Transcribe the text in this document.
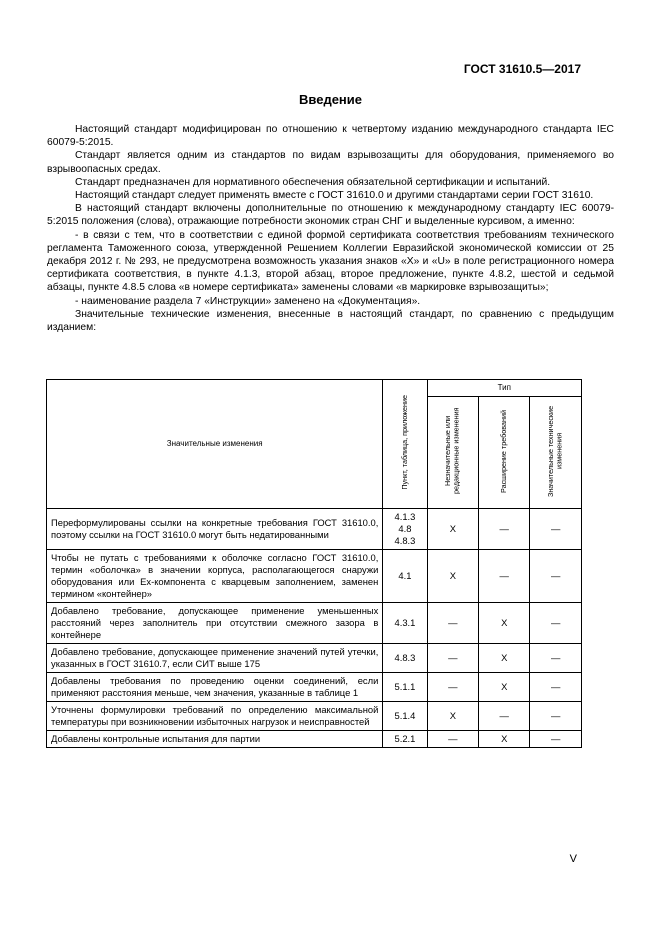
ГОСТ 31610.5—2017
Введение

Настоящий стандарт модифицирован по отношению к четвертому изданию международного стандарта IEC 60079-5:2015.

Стандарт является одним из стандартов по видам взрывозащиты для оборудования, применяемого во взрывоопасных средах.

Стандарт предназначен для нормативного обеспечения обязательной сертификации и испытаний.

Настоящий стандарт следует применять вместе с ГОСТ 31610.0 и другими стандартами серии ГОСТ 31610.

В настоящий стандарт включены дополнительные по отношению к международному стандарту IEC 60079-5:2015 положения (слова), отражающие потребности экономик стран СНГ и выделенные курсивом, а именно:

- в связи с тем, что в соответствии с единой формой сертификата соответствия требованиям технического регламента Таможенного союза, утвержденной Решением Коллегии Евразийской экономической комиссии от 25 декабря 2012 г. № 293, не предусмотрена возможность указания знаков «Х» и «U» в поле регистрационного номера сертификата соответствия, в пункте 4.1.3, второй абзац, второе предложение, пункте 4.8.2, шестой и седьмой абзацы, пункте 4.8.5 слова «в номере сертификата» заменены словами «в маркировке взрывозащиты»;

- наименование раздела 7 «Инструкции» заменено на «Документация».

Значительные технические изменения, внесенные в настоящий стандарт, по сравнению с предыдущим изданием:

Значительные изменения	Пункт, таблица, приложение	Тип		
		Незначительные или редакционные изменения	Расширение требований	Значительные технические изменения
Переформулированы ссылки на конкретные требования ГОСТ 31610.0, поэтому ссылки на ГОСТ 31610.0 могут быть недатированными	4.1.3
4.8
4.8.3	X	—	—
Чтобы не путать с требованиями к оболочке согласно ГОСТ 31610.0, термин «оболочка» в значении корпуса, располагающегося снаружи оборудования или Ex-компонента с кварцевым заполнением, заменен термином «контейнер»	4.1	X	—	—
Добавлено требование, допускающее применение уменьшенных расстояний через заполнитель при отсутствии смежного зазора в контейнере	4.3.1	—	X	—
Добавлено требование, допускающее применение значений путей утечки, указанных в ГОСТ 31610.7, если СИТ выше 175	4.8.3	—	X	—
Добавлены требования по проведению оценки соединений, если применяют расстояния меньше, чем значения, указанные в таблице 1	5.1.1	—	X	—
Уточнены формулировки требований по определению максимальной температуры при возникновении избыточных нагрузок и неисправностей	5.1.4	X	—	—
Добавлены контрольные испытания для партии	5.2.1	—	X	—
V
